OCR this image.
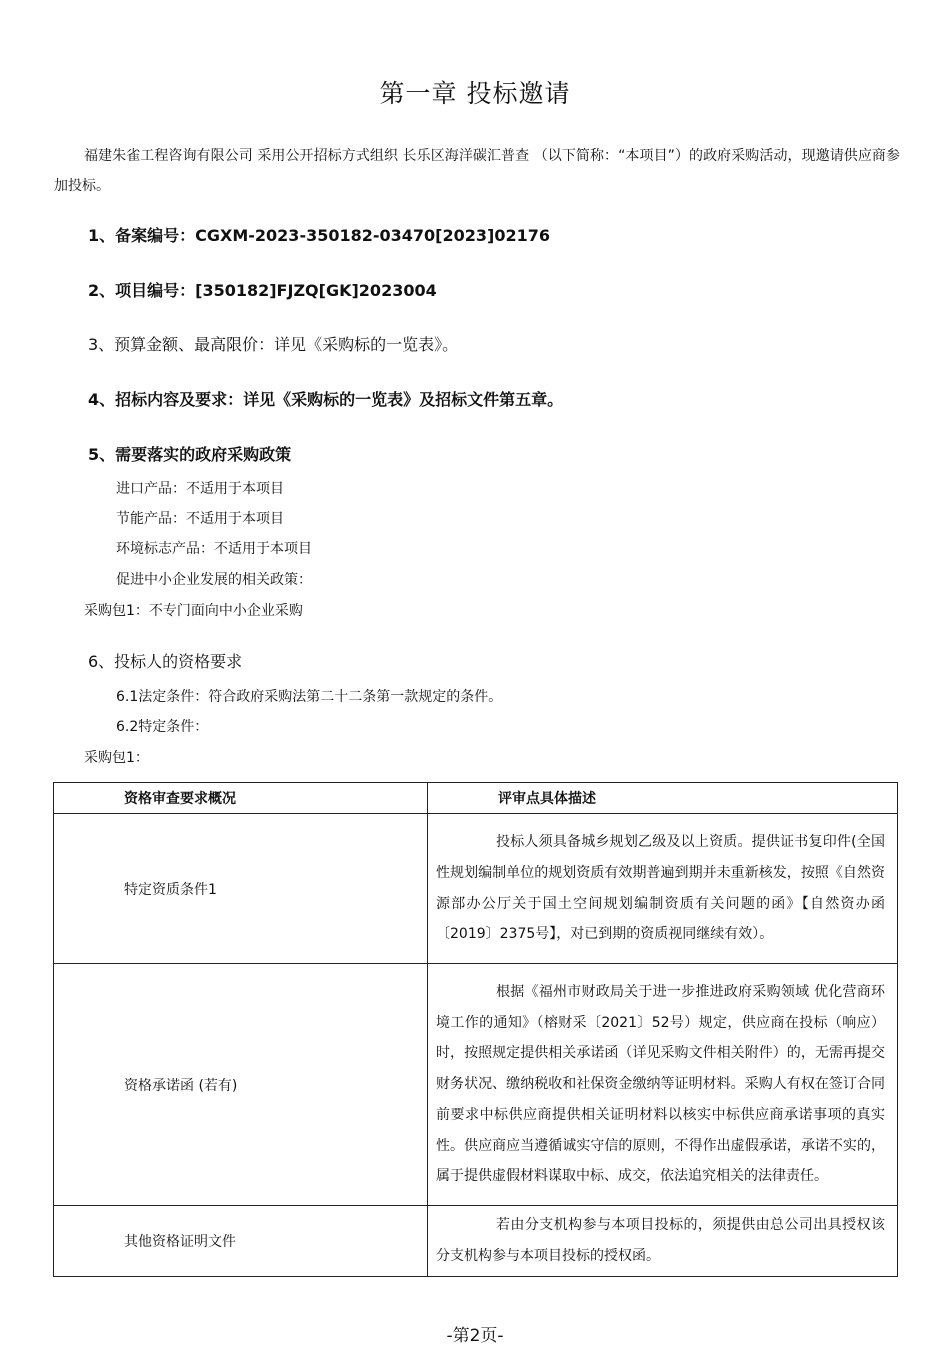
第一章 投标邀请
福建朱雀工程咨询有限公司 采用公开招标方式组织 长乐区海洋碳汇普查 （以下简称：“本项目”）的政府采购活动，现邀请供应商参加投标。
1、备案编号：CGXM-2023-350182-03470[2023]02176
2、项目编号：[350182]FJZQ[GK]2023004
3、预算金额、最高限价：详见《采购标的一览表》。
4、招标内容及要求：详见《采购标的一览表》及招标文件第五章。
5、需要落实的政府采购政策
进口产品：不适用于本项目
节能产品：不适用于本项目
环境标志产品：不适用于本项目
促进中小企业发展的相关政策：
采购包1：不专门面向中小企业采购
6、投标人的资格要求
6.1法定条件：符合政府采购法第二十二条第一款规定的条件。
6.2特定条件：
采购包1：
资格审查要求概况	评审点具体描述
特定资质条件1	投标人须具备城乡规划乙级及以上资质。提供证书复印件(全国性规划编制单位的规划资质有效期普遍到期并未重新核发，按照《自然资源部办公厅关于国土空间规划编制资质有关问题的函》【自然资办函〔2019〕2375号】，对已到期的资质视同继续有效）。
资格承诺函 (若有)	根据《福州市财政局关于进一步推进政府采购领域 优化营商环境工作的通知》（榕财采〔2021〕52号）规定，供应商在投标（响应）时，按照规定提供相关承诺函（详见采购文件相关附件）的，无需再提交财务状况、缴纳税收和社保资金缴纳等证明材料。采购人有权在签订合同前要求中标供应商提供相关证明材料以核实中标供应商承诺事项的真实性。供应商应当遵循诚实守信的原则，不得作出虚假承诺，承诺不实的，属于提供虚假材料谋取中标、成交，依法追究相关的法律责任。
其他资格证明文件	若由分支机构参与本项目投标的，须提供由总公司出具授权该分支机构参与本项目投标的授权函。
-第2页-
